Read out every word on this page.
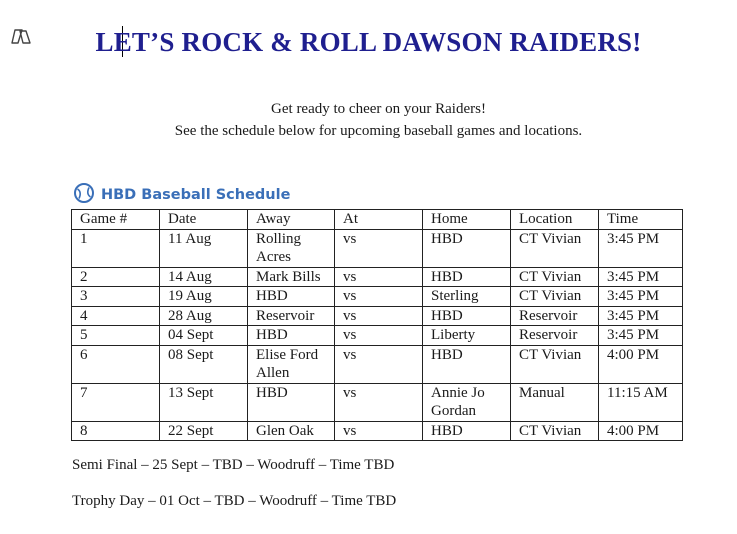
LET’S ROCK & ROLL DAWSON RAIDERS!
Get ready to cheer on your Raiders!
See the schedule below for upcoming baseball games and locations.
HBD Baseball Schedule
Game #	Date	Away	At	Home	Location	Time
1	11 Aug	Rolling Acres	vs	HBD	CT Vivian	3:45 PM
2	14 Aug	Mark Bills	vs	HBD	CT Vivian	3:45 PM
3	19 Aug	HBD	vs	Sterling	CT Vivian	3:45 PM
4	28 Aug	Reservoir	vs	HBD	Reservoir	3:45 PM
5	04 Sept	HBD	vs	Liberty	Reservoir	3:45 PM
6	08 Sept	Elise Ford Allen	vs	HBD	CT Vivian	4:00 PM
7	13 Sept	HBD	vs	Annie Jo Gordan	Manual	11:15 AM
8	22 Sept	Glen Oak	vs	HBD	CT Vivian	4:00 PM
Semi Final – 25 Sept – TBD – Woodruff – Time TBD
Trophy Day – 01 Oct – TBD – Woodruff – Time TBD
